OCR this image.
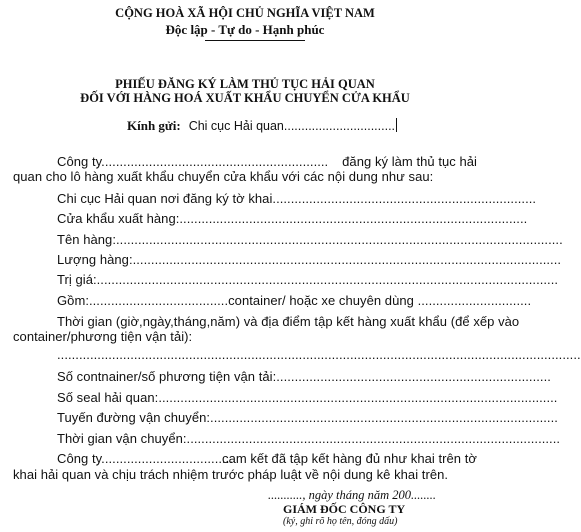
CỘNG HOÀ XÃ HỘI CHỦ NGHĨA VIỆT NAM
Độc lập - Tự do - Hạnh phúc
PHIẾU ĐĂNG KÝ LÀM THỦ TỤC HẢI QUAN
ĐỐI VỚI HÀNG HOÁ XUẤT KHẨU CHUYỂN CỬA KHẨU
Kính gửi: Chi cục Hải quan................................
Công ty.............................................................. đăng ký làm thủ tục hải
quan cho lô hàng xuất khẩu chuyển cửa khẩu với các nội dung như sau:
Chi cục Hải quan nơi đăng ký tờ khai........................................................................
Cửa khẩu xuất hàng:...............................................................................................
Tên hàng:..........................................................................................................................
Lượng hàng:.....................................................................................................................
Trị giá:..............................................................................................................................
Gồm:......................................container/ hoặc xe chuyên dùng ...............................
Thời gian (giờ,ngày,tháng,năm) và địa điểm tập kết hàng xuất khẩu (để xếp vào
container/phương tiện vận tải):
...............................................................................................................................................
Số contnainer/số phương tiện vận tải:...........................................................................
Số seal hải quan:.............................................................................................................
Tuyến đường vận chuyển:...............................................................................................
Thời gian vận chuyển:......................................................................................................
Công ty....................................
cam kết đã tập kết hàng đủ như khai trên tờ
khai hải quan và chịu trách nhiệm trước pháp luật về nội dung kê khai trên.
..........., ngày tháng năm 200........
GIÁM ĐỐC CÔNG TY
(ký, ghi rõ họ tên, đóng dấu)
